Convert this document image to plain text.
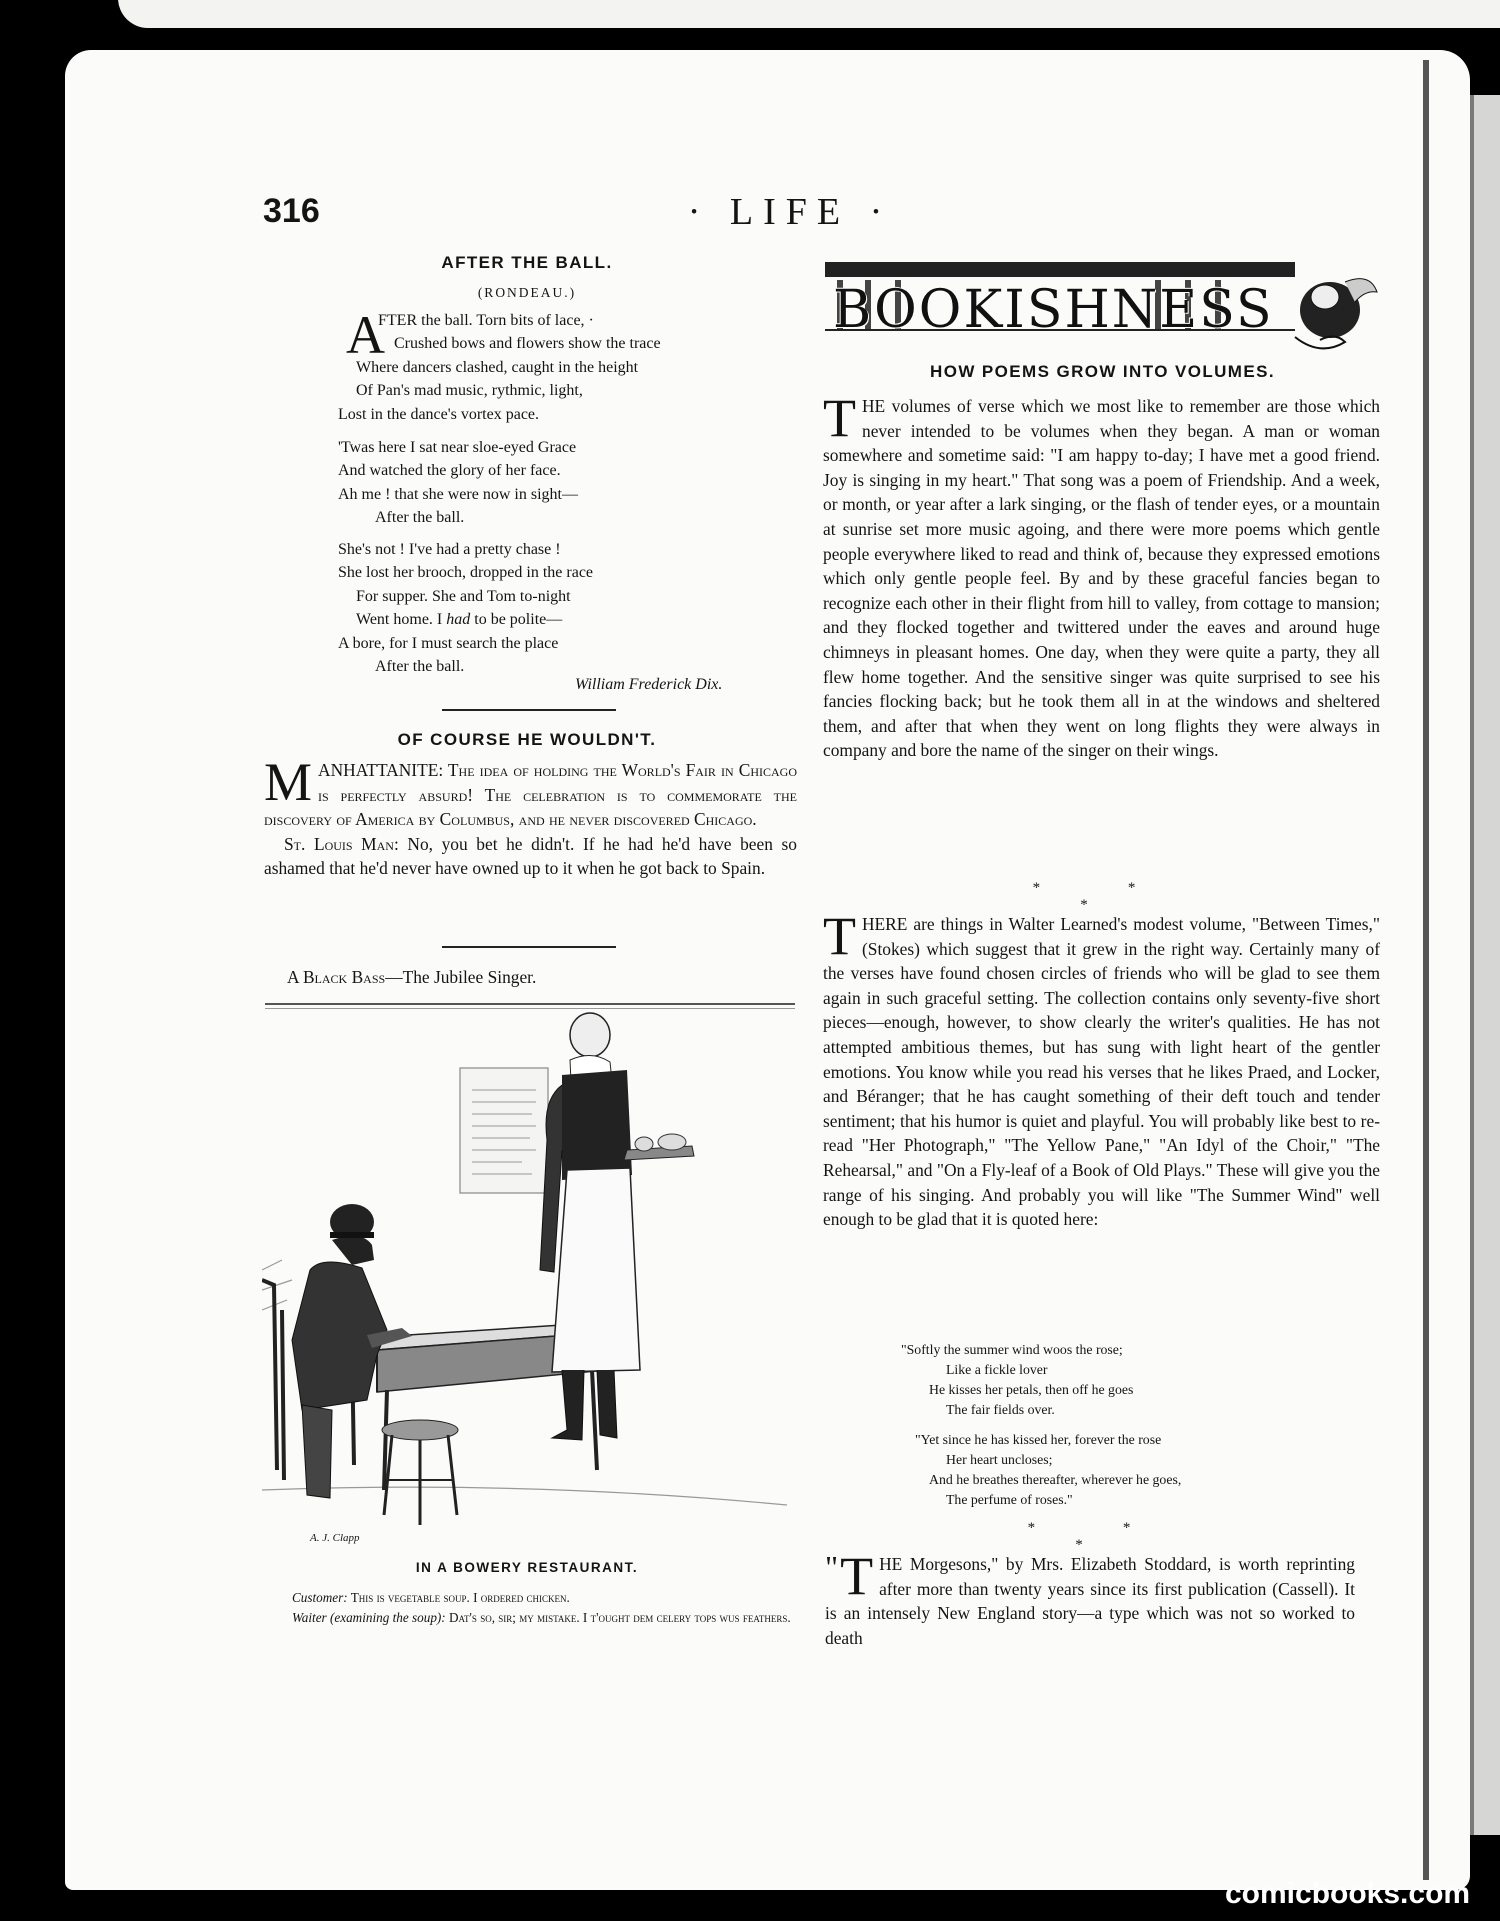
316	· LIFE ·
AFTER THE BALL.
(RONDEAU.)
A
FTER the ball. Torn bits of lace, ·
Crushed bows and flowers show the trace
Where dancers clashed, caught in the height
Of Pan's mad music, rythmic, light,
Lost in the dance's vortex pace.
'Twas here I sat near sloe-eyed Grace
And watched the glory of her face.
Ah me ! that she were now in sight—
After the ball.
She's not ! I've had a pretty chase !
She lost her brooch, dropped in the race
For supper. She and Tom to-night
Went home. I had to be polite—
A bore, for I must search the place
After the ball.
William Frederick Dix.
OF COURSE HE WOULDN'T.
MANHATTANITE: The idea of holding the World's Fair in Chicago is perfectly absurd! The celebration is to commemorate the discovery of America by Columbus, and he never discovered Chicago.
St. Louis Man: No, you bet he didn't. If he had he'd have been so ashamed that he'd never have owned up to it when he got back to Spain.
A Black Bass—The Jubilee Singer.
A. J. Clapp
IN A BOWERY RESTAURANT.
Customer: This is vegetable soup. I ordered chicken.
Waiter (examining the soup): Dat's so, sir; my mistake. I t'ought dem celery tops wus feathers.
BOOKISHNESS
HOW POEMS GROW INTO VOLUMES.
THE volumes of verse which we most like to remember are those which never intended to be volumes when they began. A man or woman somewhere and sometime said: "I am happy to-day; I have met a good friend. Joy is singing in my heart." That song was a poem of Friendship. And a week, or month, or year after a lark singing, or the flash of tender eyes, or a mountain at sunrise set more music agoing, and there were more poems which gentle people everywhere liked to read and think of, because they expressed emotions which only gentle people feel. By and by these graceful fancies began to recognize each other in their flight from hill to valley, from cottage to mansion; and they flocked together and twittered under the eaves and around huge chimneys in pleasant homes. One day, when they were quite a party, they all flew home together. And the sensitive singer was quite surprised to see his fancies flocking back; but he took them all in at the windows and sheltered them, and after that when they went on long flights they were always in company and bore the name of the singer on their wings.
* * *
THERE are things in Walter Learned's modest volume, "Between Times," (Stokes) which suggest that it grew in the right way. Certainly many of the verses have found chosen circles of friends who will be glad to see them again in such graceful setting. The collection contains only seventy-five short pieces—enough, however, to show clearly the writer's qualities. He has not attempted ambitious themes, but has sung with light heart of the gentler emotions. You know while you read his verses that he likes Praed, and Locker, and Béranger; that he has caught something of their deft touch and tender sentiment; that his humor is quiet and playful. You will probably like best to re-read "Her Photograph," "The Yellow Pane," "An Idyl of the Choir," "The Rehearsal," and "On a Fly-leaf of a Book of Old Plays." These will give you the range of his singing. And probably you will like "The Summer Wind" well enough to be glad that it is quoted here:
"Softly the summer wind woos the rose;
Like a fickle lover
He kisses her petals, then off he goes
The fair fields over.
"Yet since he has kissed her, forever the rose
Her heart uncloses;
And he breathes thereafter, wherever he goes,
The perfume of roses."
* * *
" T HE Morgesons," by Mrs. Elizabeth Stoddard, is worth reprinting after more than twenty years since its first publication (Cassell). It is an intensely New England story—a type which was not so worked to death
comicbooks.com
